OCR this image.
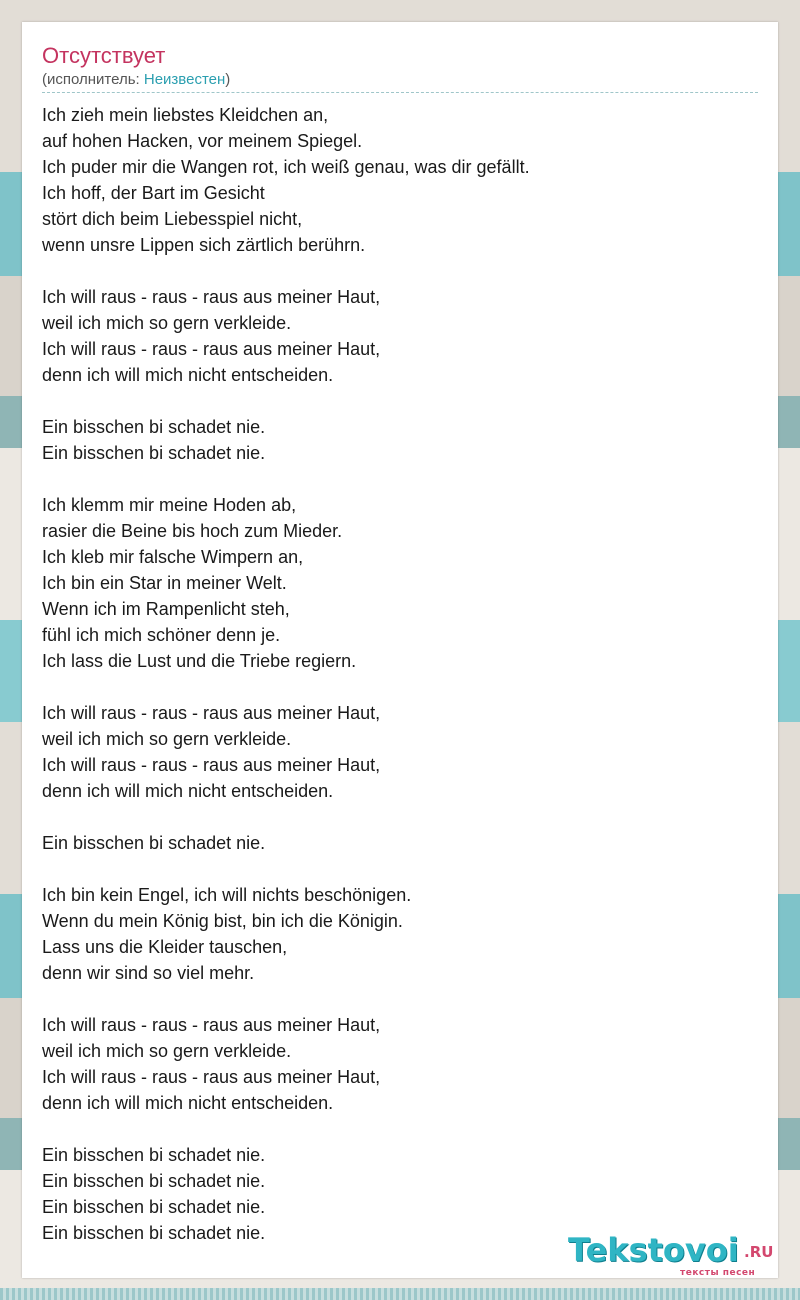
Отсутствует
(исполнитель: Неизвестен)
Ich zieh mein liebstes Kleidchen an,
auf hohen Hacken, vor meinem Spiegel.
Ich puder mir die Wangen rot, ich weiß genau, was dir gefällt.
Ich hoff, der Bart im Gesicht
stört dich beim Liebesspiel nicht,
wenn unsre Lippen sich zärtlich berührn.
Ich will raus - raus - raus aus meiner Haut,
weil ich mich so gern verkleide.
Ich will raus - raus - raus aus meiner Haut,
denn ich will mich nicht entscheiden.
Ein bisschen bi schadet nie.
Ein bisschen bi schadet nie.
Ich klemm mir meine Hoden ab,
rasier die Beine bis hoch zum Mieder.
Ich kleb mir falsche Wimpern an,
Ich bin ein Star in meiner Welt.
Wenn ich im Rampenlicht steh,
fühl ich mich schöner denn je.
Ich lass die Lust und die Triebe regiern.
Ich will raus - raus - raus aus meiner Haut,
weil ich mich so gern verkleide.
Ich will raus - raus - raus aus meiner Haut,
denn ich will mich nicht entscheiden.
Ein bisschen bi schadet nie.
Ich bin kein Engel, ich will nichts beschönigen.
Wenn du mein König bist, bin ich die Königin.
Lass uns die Kleider tauschen,
denn wir sind so viel mehr.
Ich will raus - raus - raus aus meiner Haut,
weil ich mich so gern verkleide.
Ich will raus - raus - raus aus meiner Haut,
denn ich will mich nicht entscheiden.
Ein bisschen bi schadet nie.
Ein bisschen bi schadet nie.
Ein bisschen bi schadet nie.
Ein bisschen bi schadet nie.	Tekstovoi .RU
тексты песен
